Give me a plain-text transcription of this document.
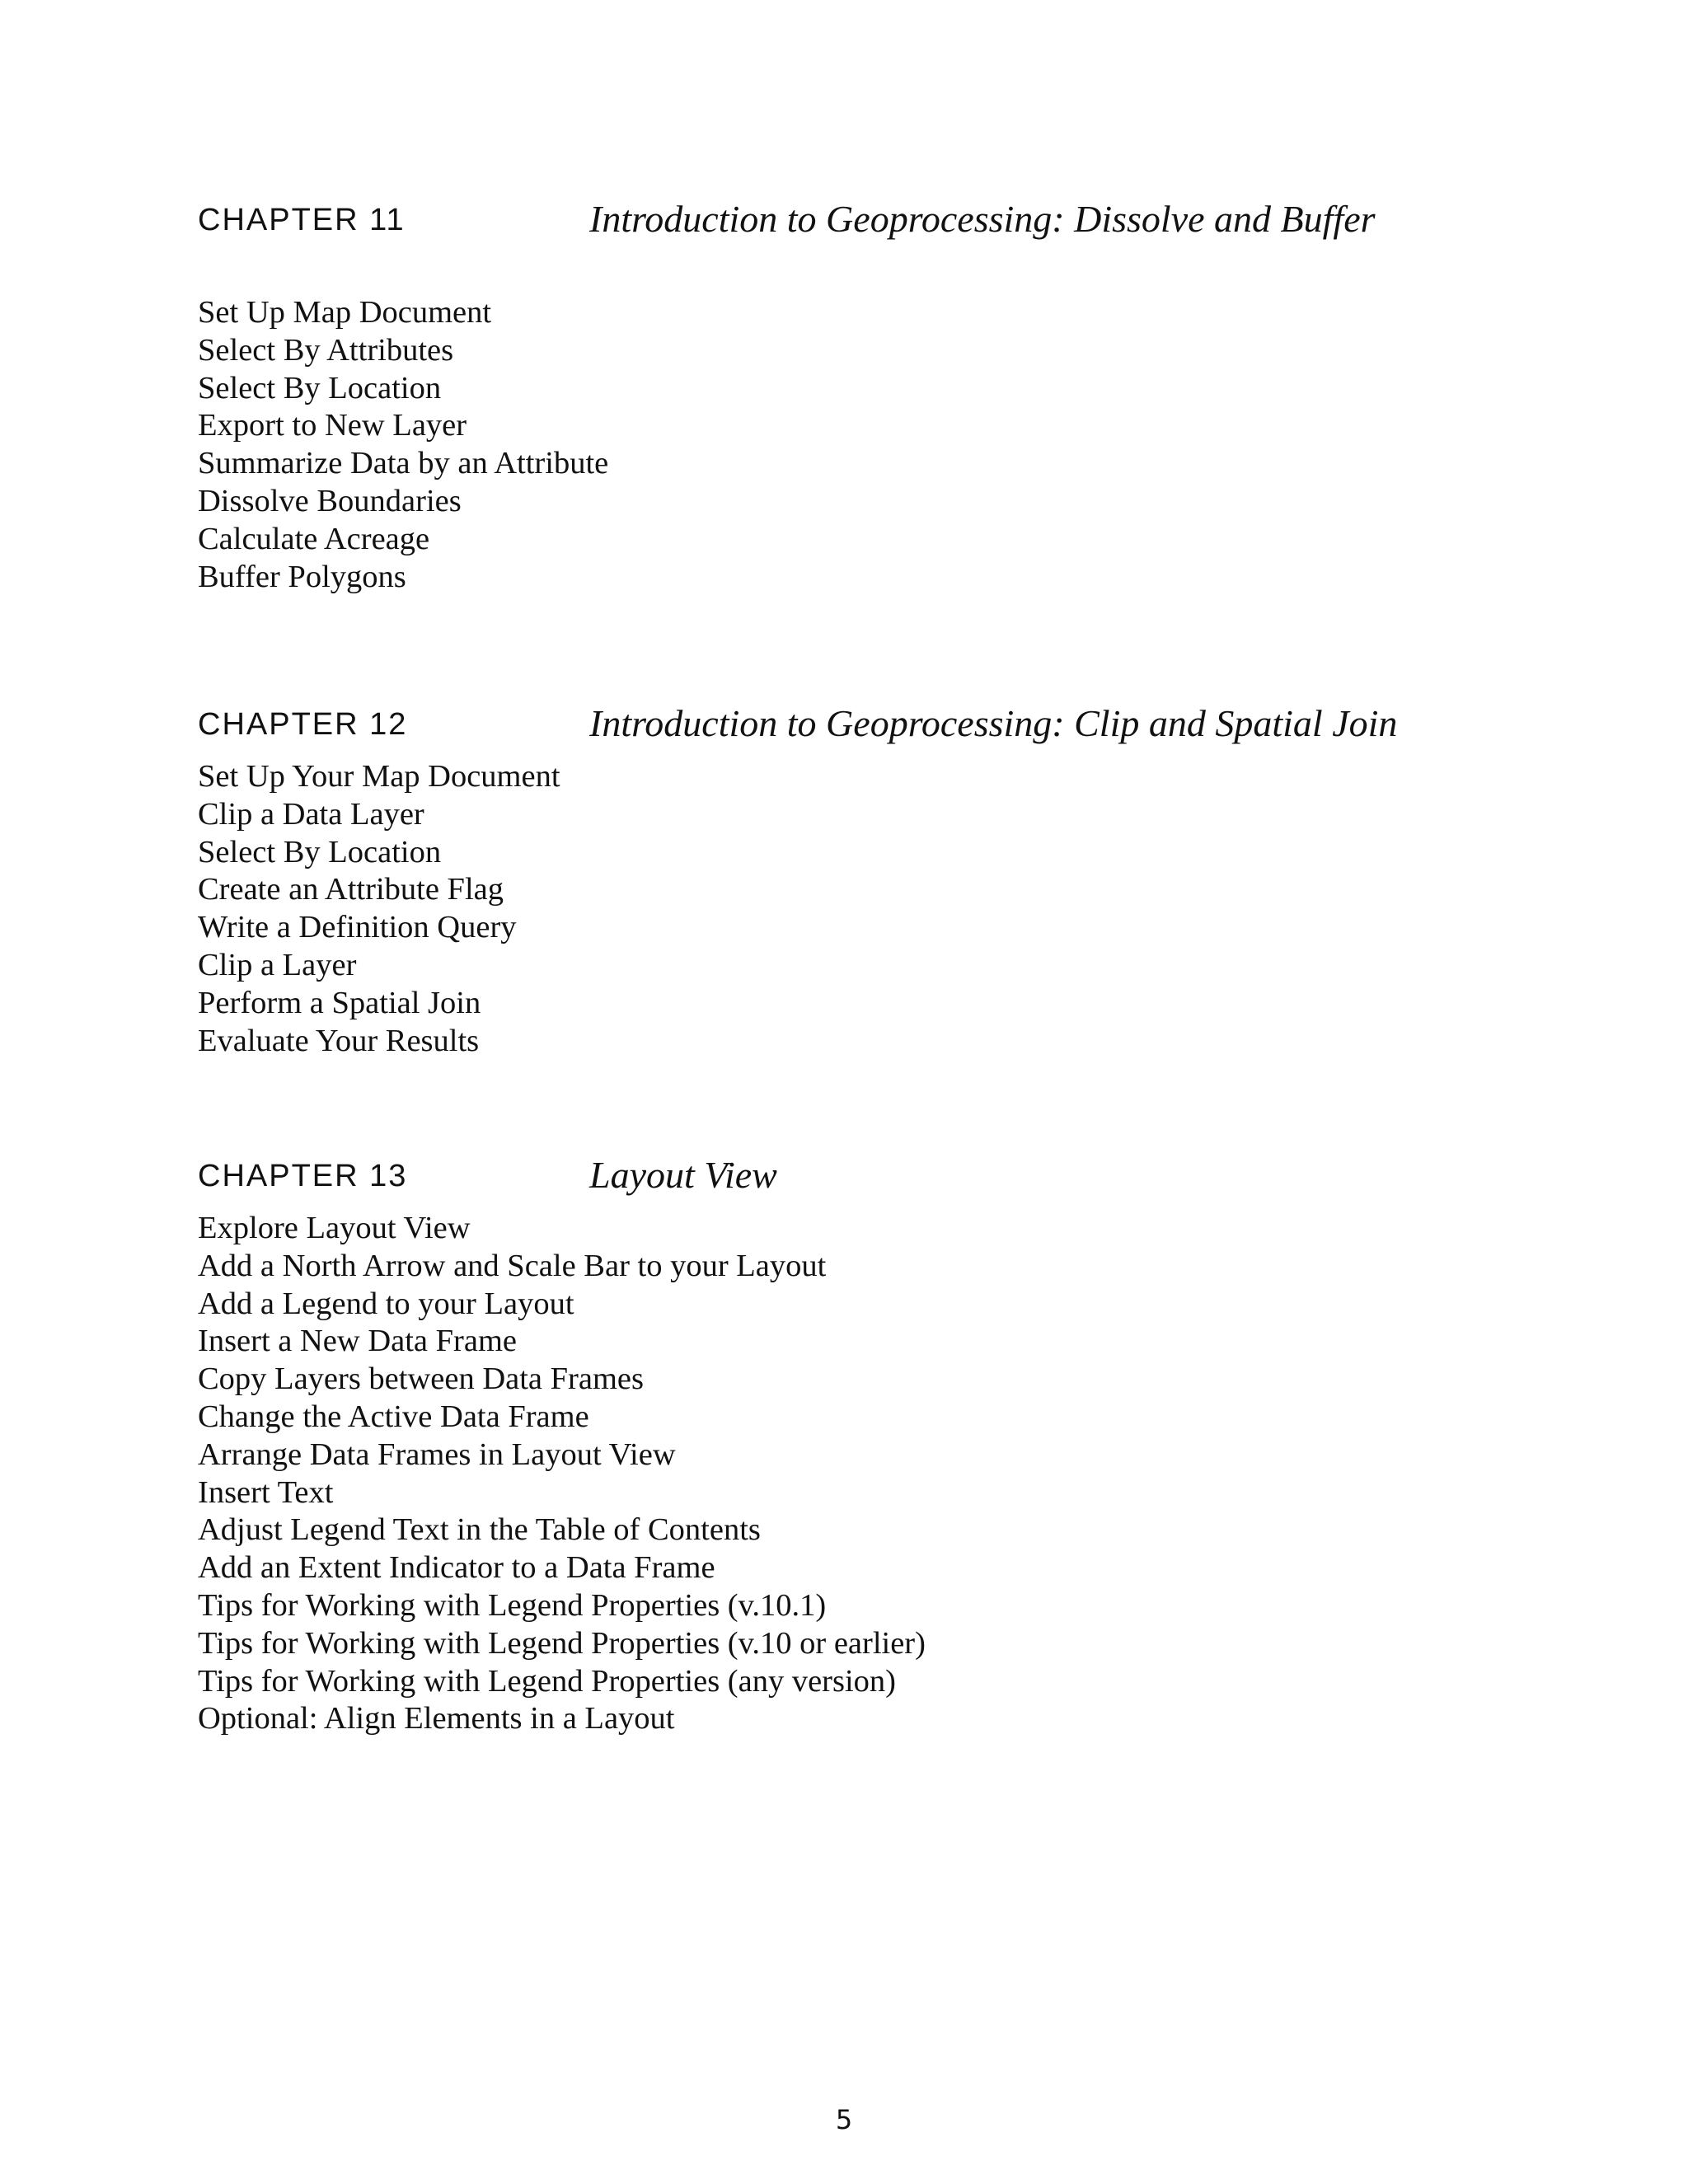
CHAPTER 11	Introduction to Geoprocessing: Dissolve and Buffer
Set Up Map Document
Select By Attributes
Select By Location
Export to New Layer
Summarize Data by an Attribute
Dissolve Boundaries
Calculate Acreage
Buffer Polygons
CHAPTER 12	Introduction to Geoprocessing: Clip and Spatial Join
Set Up Your Map Document
Clip a Data Layer
Select By Location
Create an Attribute Flag
Write a Definition Query
Clip a Layer
Perform a Spatial Join
Evaluate Your Results
CHAPTER 13	Layout View
Explore Layout View
Add a North Arrow and Scale Bar to your Layout
Add a Legend to your Layout
Insert a New Data Frame
Copy Layers between Data Frames
Change the Active Data Frame
Arrange Data Frames in Layout View
Insert Text
Adjust Legend Text in the Table of Contents
Add an Extent Indicator to a Data Frame
Tips for Working with Legend Properties (v.10.1)
Tips for Working with Legend Properties (v.10 or earlier)
Tips for Working with Legend Properties (any version)
Optional: Align Elements in a Layout
5
